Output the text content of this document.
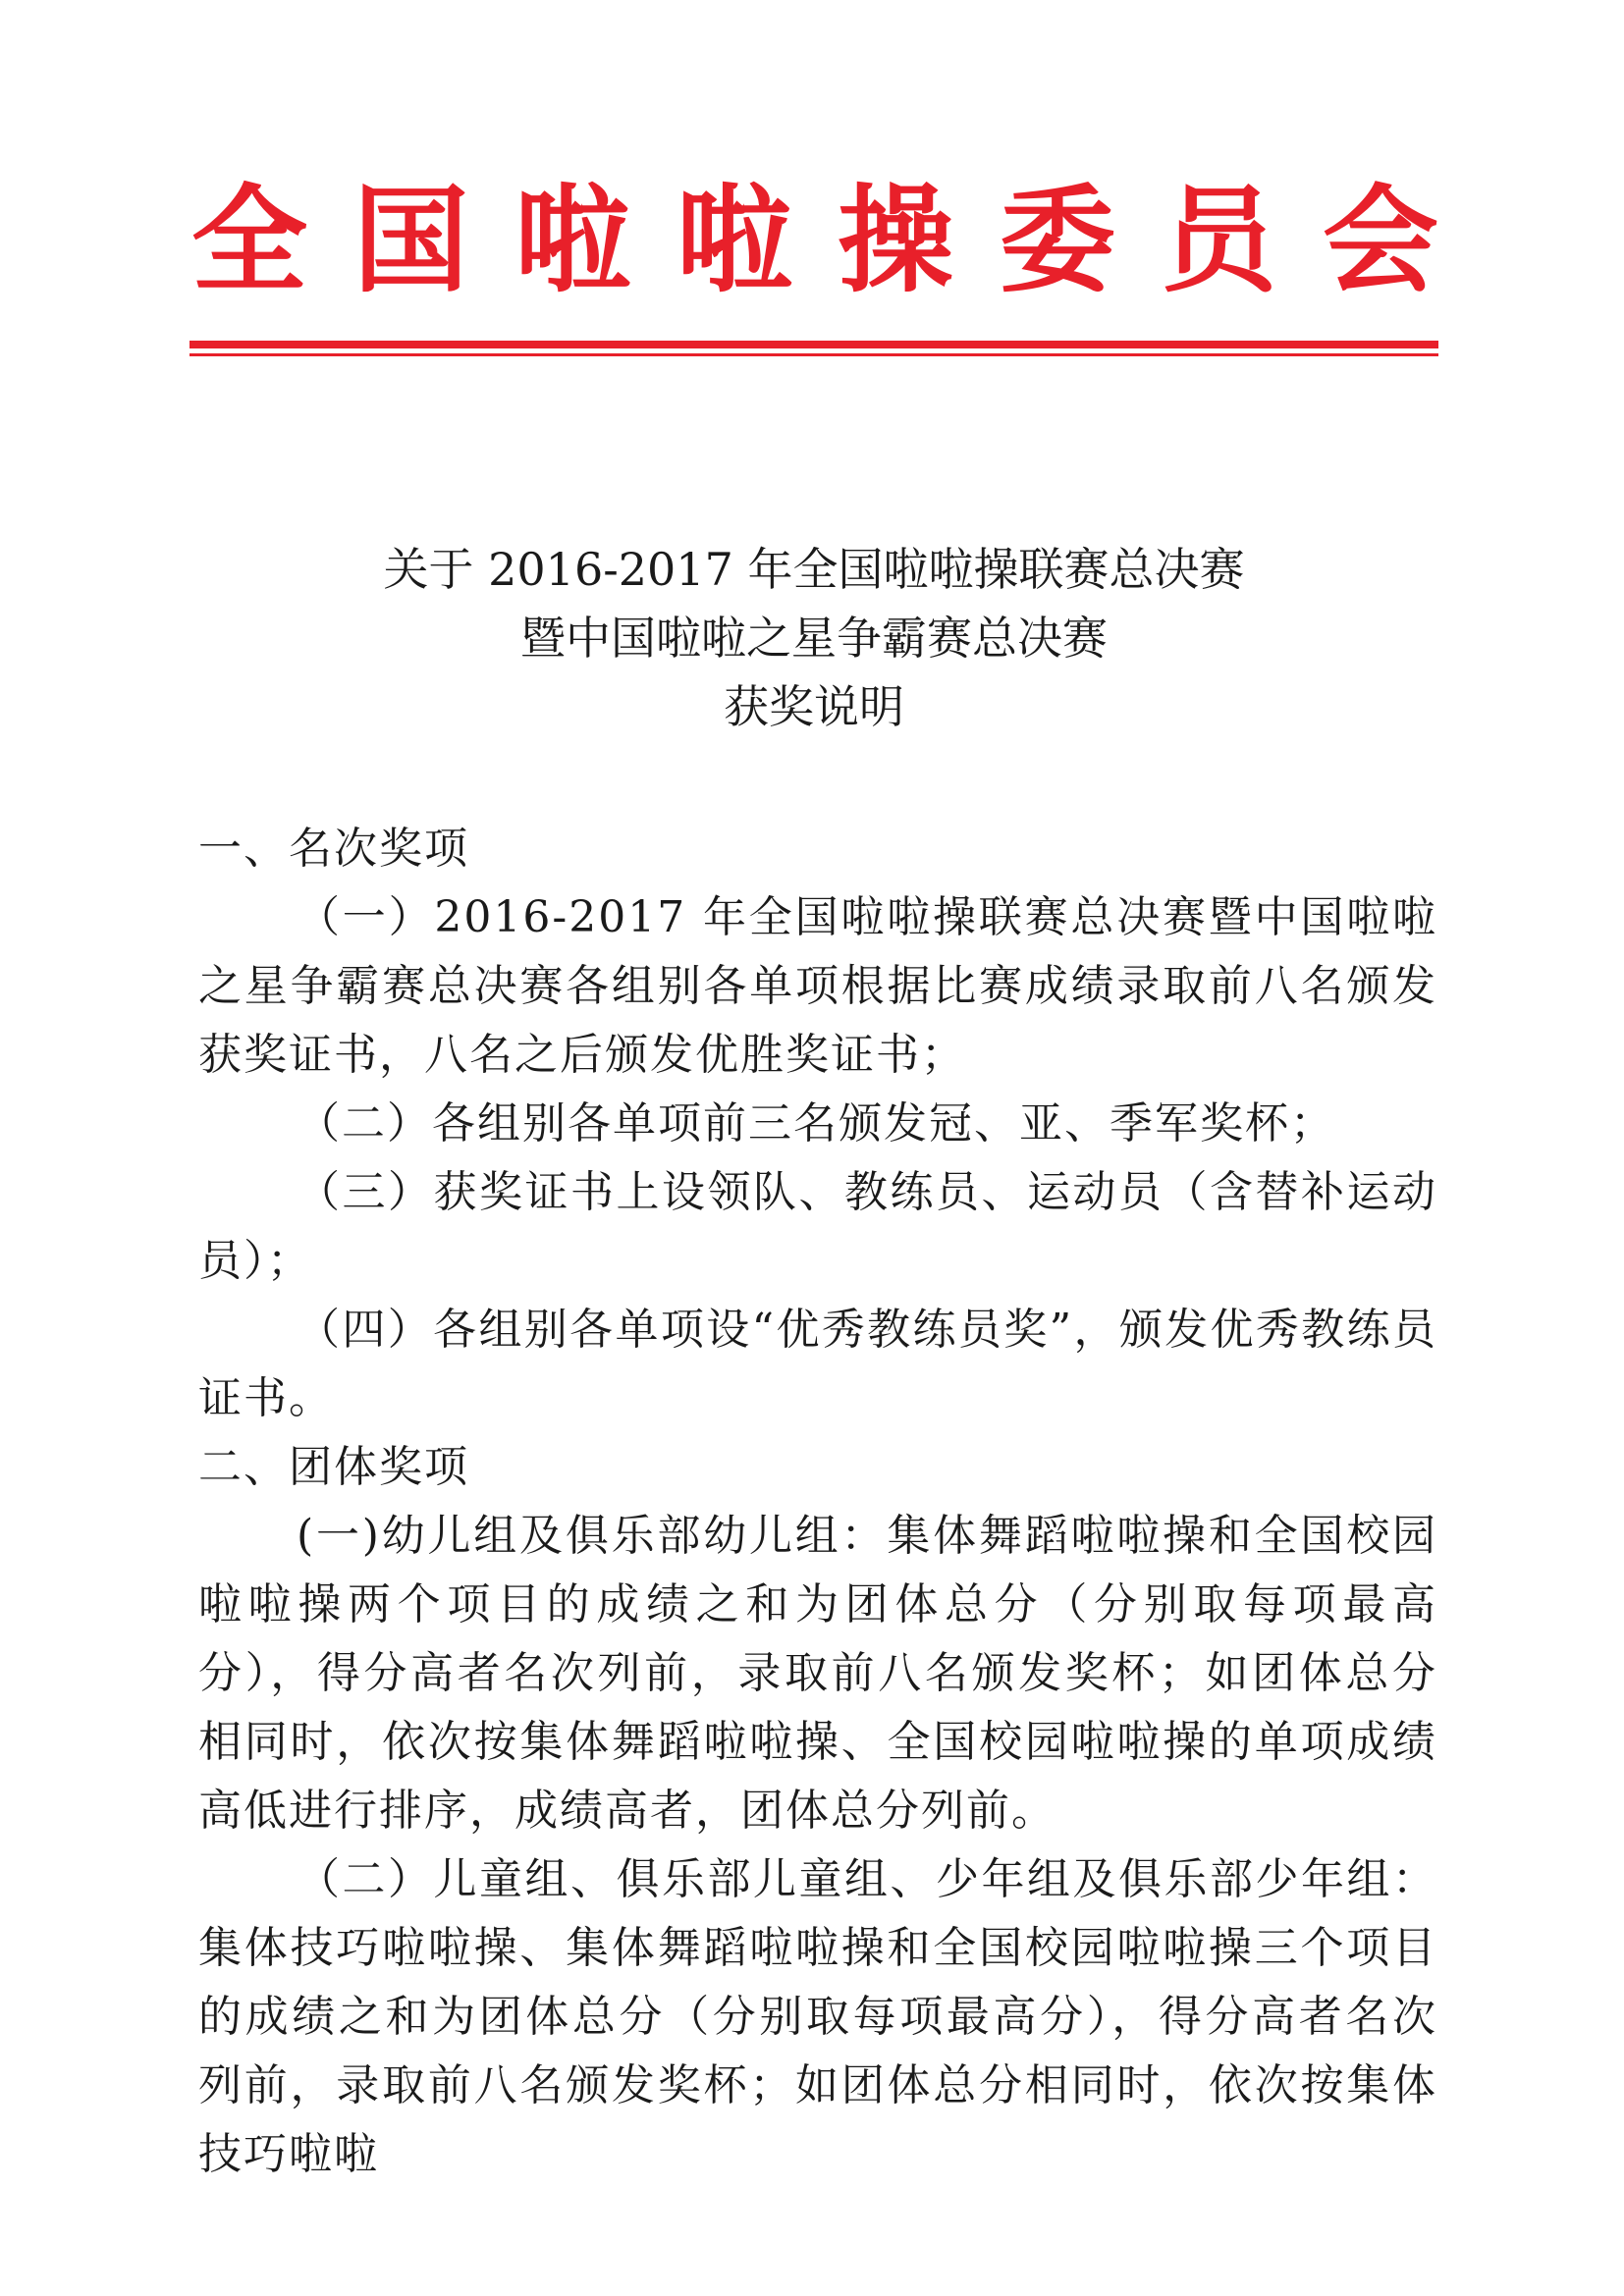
全 国 啦 啦 操 委 员 会
关于 2016-2017 年全国啦啦操联赛总决赛
暨中国啦啦之星争霸赛总决赛
获奖说明

一、名次奖项

（一）2016-2017 年全国啦啦操联赛总决赛暨中国啦啦之星争霸赛总决赛各组别各单项根据比赛成绩录取前八名颁发获奖证书，八名之后颁发优胜奖证书；

（二）各组别各单项前三名颁发冠、亚、季军奖杯；

（三）获奖证书上设领队、教练员、运动员（含替补运动员）；

（四）各组别各单项设“优秀教练员奖”，颁发优秀教练员证书。

二、团体奖项

(一)幼儿组及俱乐部幼儿组：集体舞蹈啦啦操和全国校园啦啦操两个项目的成绩之和为团体总分（分别取每项最高分），得分高者名次列前，录取前八名颁发奖杯；如团体总分相同时，依次按集体舞蹈啦啦操、全国校园啦啦操的单项成绩高低进行排序，成绩高者，团体总分列前。

（二）儿童组、俱乐部儿童组、少年组及俱乐部少年组：集体技巧啦啦操、集体舞蹈啦啦操和全国校园啦啦操三个项目的成绩之和为团体总分（分别取每项最高分），得分高者名次列前，录取前八名颁发奖杯；如团体总分相同时，依次按集体技巧啦啦
